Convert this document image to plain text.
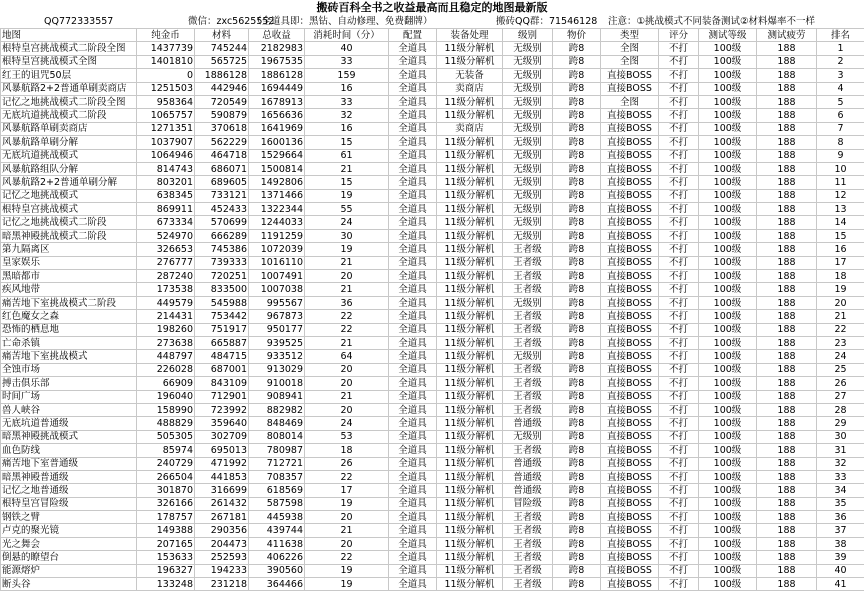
搬砖百科全书之收益最高而且稳定的地图最新版
QQ772333557	微信：zxc5625552
（全道具即：黑钻、自动修理、免费翻牌）	搬砖QQ群：71546128 注意：①挑战模式不同装备测试②材料爆率不一样
地图	纯金币	材料	总收益	消耗时间（分）	配置	装备处理	级别	物价	类型	评分	测试等级	测试疲劳	排名
根特皇宫挑战模式二阶段全图	1437739	745244	2182983	40	全道具	11级分解机	无级别	跨8	全图	不打	100级	188	1
根特皇宫挑战模式全图	1401810	565725	1967535	33	全道具	11级分解机	无级别	跨8	全图	不打	100级	188	2
红王的诅咒50层	0	1886128	1886128	159	全道具	无装备	无级别	跨8	直接BOSS	不打	100级	188	3
风暴航路2+2普通单刷卖商店	1251503	442946	1694449	16	全道具	卖商店	无级别	跨8	直接BOSS	不打	100级	188	4
记忆之地挑战模式二阶段全图	958364	720549	1678913	33	全道具	11级分解机	无级别	跨8	全图	不打	100级	188	5
无底坑道挑战模式二阶段	1065757	590879	1656636	32	全道具	11级分解机	无级别	跨8	直接BOSS	不打	100级	188	6
风暴航路单刷卖商店	1271351	370618	1641969	16	全道具	卖商店	无级别	跨8	直接BOSS	不打	100级	188	7
风暴航路单刷分解	1037907	562229	1600136	15	全道具	11级分解机	无级别	跨8	直接BOSS	不打	100级	188	8
无底坑道挑战模式	1064946	464718	1529664	61	全道具	11级分解机	无级别	跨8	直接BOSS	不打	100级	188	9
风暴航路组队分解	814743	686071	1500814	21	全道具	11级分解机	无级别	跨8	直接BOSS	不打	100级	188	10
风暴航路2+2普通单刷分解	803201	689605	1492806	15	全道具	11级分解机	无级别	跨8	直接BOSS	不打	100级	188	11
记忆之地挑战模式	638345	733121	1371466	19	全道具	11级分解机	无级别	跨8	直接BOSS	不打	100级	188	12
根特皇宫挑战模式	869911	452433	1322344	55	全道具	11级分解机	无级别	跨8	直接BOSS	不打	100级	188	13
记忆之地挑战模式二阶段	673334	570699	1244033	24	全道具	11级分解机	无级别	跨8	直接BOSS	不打	100级	188	14
暗黑神殿挑战模式二阶段	524970	666289	1191259	30	全道具	11级分解机	无级别	跨8	直接BOSS	不打	100级	188	15
第九隔离区	326653	745386	1072039	19	全道具	11级分解机	王者级	跨8	直接BOSS	不打	100级	188	16
皇家娱乐	276777	739333	1016110	21	全道具	11级分解机	王者级	跨8	直接BOSS	不打	100级	188	17
黑暗都市	287240	720251	1007491	20	全道具	11级分解机	王者级	跨8	直接BOSS	不打	100级	188	18
疾风地带	173538	833500	1007038	21	全道具	11级分解机	王者级	跨8	直接BOSS	不打	100级	188	19
痛苦地下室挑战模式二阶段	449579	545988	995567	36	全道具	11级分解机	无级别	跨8	直接BOSS	不打	100级	188	20
红色魔女之森	214431	753442	967873	22	全道具	11级分解机	王者级	跨8	直接BOSS	不打	100级	188	21
恐怖的栖息地	198260	751917	950177	22	全道具	11级分解机	王者级	跨8	直接BOSS	不打	100级	188	22
亡命杀镇	273638	665887	939525	21	全道具	11级分解机	王者级	跨8	直接BOSS	不打	100级	188	23
痛苦地下室挑战模式	448797	484715	933512	64	全道具	11级分解机	无级别	跨8	直接BOSS	不打	100级	188	24
全蚀市场	226028	687001	913029	20	全道具	11级分解机	王者级	跨8	直接BOSS	不打	100级	188	25
搏击俱乐部	66909	843109	910018	20	全道具	11级分解机	王者级	跨8	直接BOSS	不打	100级	188	26
时间广场	196040	712901	908941	21	全道具	11级分解机	王者级	跨8	直接BOSS	不打	100级	188	27
兽人峡谷	158990	723992	882982	20	全道具	11级分解机	王者级	跨8	直接BOSS	不打	100级	188	28
无底坑道普通级	488829	359640	848469	24	全道具	11级分解机	普通级	跨8	直接BOSS	不打	100级	188	29
暗黑神殿挑战模式	505305	302709	808014	53	全道具	11级分解机	无级别	跨8	直接BOSS	不打	100级	188	30
血色防线	85974	695013	780987	18	全道具	11级分解机	王者级	跨8	直接BOSS	不打	100级	188	31
痛苦地下室普通级	240729	471992	712721	26	全道具	11级分解机	普通级	跨8	直接BOSS	不打	100级	188	32
暗黑神殿普通级	266504	441853	708357	22	全道具	11级分解机	普通级	跨8	直接BOSS	不打	100级	188	33
记忆之地普通级	301870	316699	618569	17	全道具	11级分解机	普通级	跨8	直接BOSS	不打	100级	188	34
根特皇宫冒险级	326166	261432	587598	19	全道具	11级分解机	冒险级	跨8	直接BOSS	不打	100级	188	35
钢铁之臂	178757	267181	445938	20	全道具	11级分解机	王者级	跨8	直接BOSS	不打	100级	188	36
卢克的聚光镜	149388	290356	439744	21	全道具	11级分解机	王者级	跨8	直接BOSS	不打	100级	188	37
光之舞会	207165	204473	411638	20	全道具	11级分解机	王者级	跨8	直接BOSS	不打	100级	188	38
倒悬的瞭望台	153633	252593	406226	22	全道具	11级分解机	王者级	跨8	直接BOSS	不打	100级	188	39
能源熔炉	196327	194233	390560	19	全道具	11级分解机	王者级	跨8	直接BOSS	不打	100级	188	40
断头谷	133248	231218	364466	19	全道具	11级分解机	王者级	跨8	直接BOSS	不打	100级	188	41
